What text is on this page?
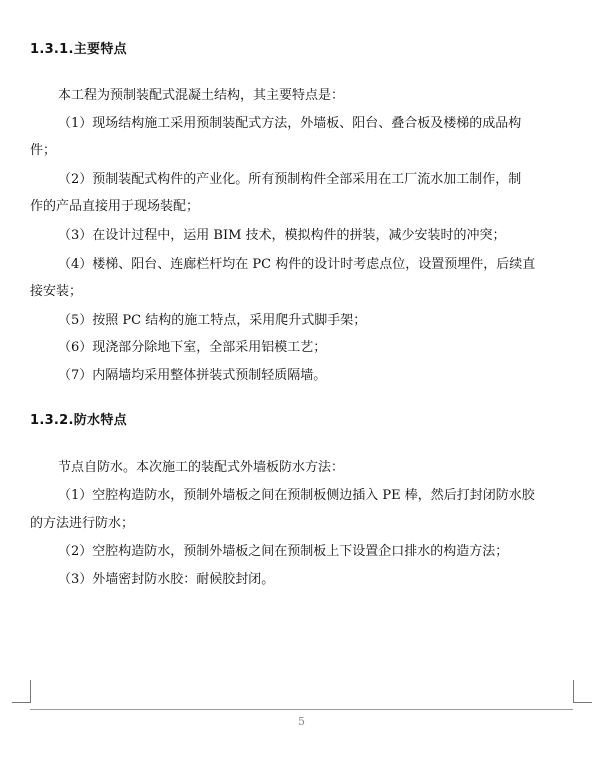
1.3.1.主要特点
本工程为预制装配式混凝土结构，其主要特点是：
（1）现场结构施工采用预制装配式方法，外墙板、阳台、叠合板及楼梯的成品构
件；
（2）预制装配式构件的产业化。所有预制构件全部采用在工厂流水加工制作，制
作的产品直接用于现场装配；
（3）在设计过程中，运用 BIM 技术，模拟构件的拼装，减少安装时的冲突；
（4）楼梯、阳台、连廊栏杆均在 PC 构件的设计时考虑点位，设置预埋件，后续直
接安装；
（5）按照 PC 结构的施工特点，采用爬升式脚手架；
（6）现浇部分除地下室，全部采用铝模工艺；
（7）内隔墙均采用整体拼装式预制轻质隔墙。
1.3.2.防水特点
节点自防水。本次施工的装配式外墙板防水方法：
（1）空腔构造防水，预制外墙板之间在预制板侧边插入 PE 棒，然后打封闭防水胶
的方法进行防水；
（2）空腔构造防水，预制外墙板之间在预制板上下设置企口排水的构造方法；
（3）外墙密封防水胶：耐候胶封闭。
5
